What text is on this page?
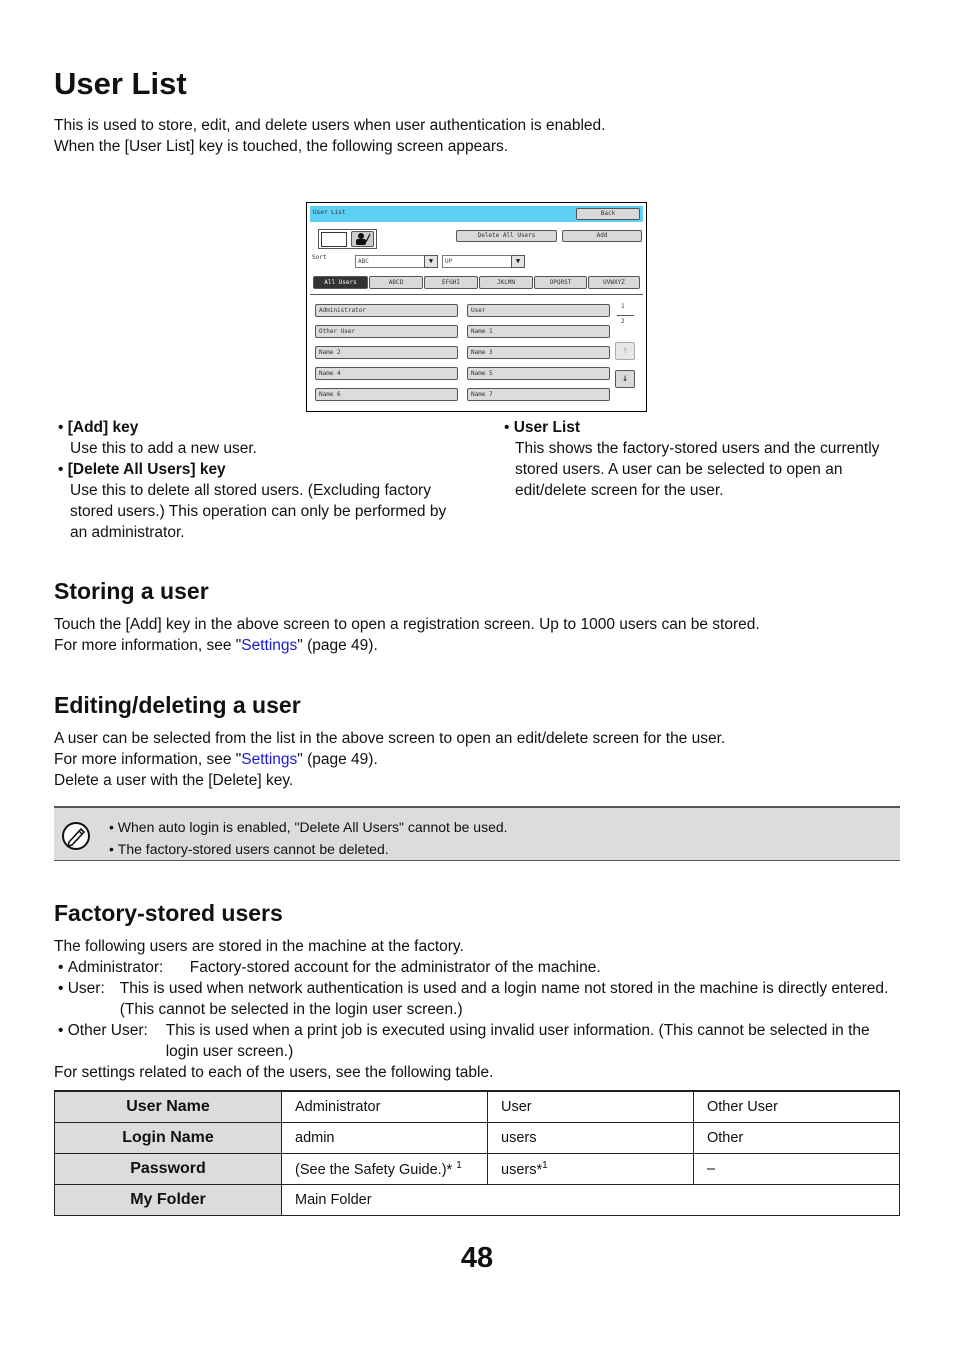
User List

This is used to store, edit, and delete users when user authentication is enabled.

When the [User List] key is touched, the following screen appears.

User List	Back
Delete All Users	Add
Sort
ABC	▼	UP	▼
All Users	ABCD	EFGHI	JKLMN	OPQRST	UVWXYZ
Administrator	User
Other User	Name 1
Name 2	Name 3
Name 4	Name 5
Name 6	Name 7
1
2
↑
↓
• [Add] key
Use this to add a new user.
• [Delete All Users] key
Use this to delete all stored users. (Excluding factory stored users.) This operation can only be performed by an administrator.
• User List
This shows the factory-stored users and the currently stored users. A user can be selected to open an edit/delete screen for the user.
Storing a user

Touch the [Add] key in the above screen to open a registration screen. Up to 1000 users can be stored.

For more information, see "Settings" (page 49).

Editing/deleting a user

A user can be selected from the list in the above screen to open an edit/delete screen for the user.

For more information, see "Settings" (page 49).

Delete a user with the [Delete] key.

• When auto login is enabled, "Delete All Users" cannot be used.
• The factory-stored users cannot be deleted.
Factory-stored users

The following users are stored in the machine at the factory.

• Administrator:	Factory-stored account for the administrator of the machine.
• User: This is used when network authentication is used and a login name not stored in the machine is directly entered. (This cannot be selected in the login user screen.)
• Other User:	This is used when a print job is executed using invalid user information. (This cannot be selected in the login user screen.)

For settings related to each of the users, see the following table.

User Name	Administrator	User	Other User
Login Name	admin	users	Other
Password	(See the Safety Guide.)* $^1$	users*$^1$	–
My Folder	Main Folder		
48
